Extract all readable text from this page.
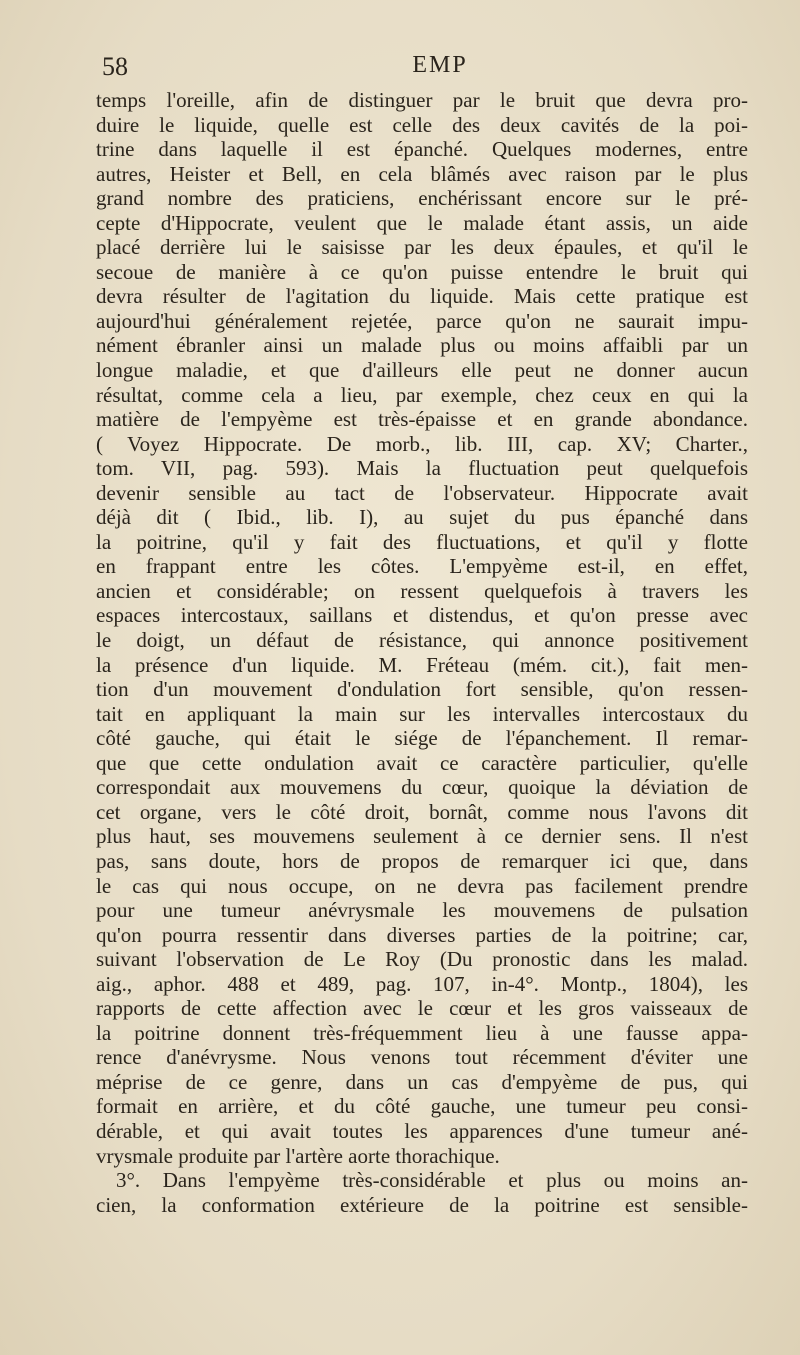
58	EMP
temps l'oreille, afin de distinguer par le bruit que devra pro-
duire le liquide, quelle est celle des deux cavités de la poi-
trine dans laquelle il est épanché. Quelques modernes, entre
autres, Heister et Bell, en cela blâmés avec raison par le plus
grand nombre des praticiens, enchérissant encore sur le pré-
cepte d'Hippocrate, veulent que le malade étant assis, un aide
placé derrière lui le saisisse par les deux épaules, et qu'il le
secoue de manière à ce qu'on puisse entendre le bruit qui
devra résulter de l'agitation du liquide. Mais cette pratique est
aujourd'hui généralement rejetée, parce qu'on ne saurait impu-
nément ébranler ainsi un malade plus ou moins affaibli par un
longue maladie, et que d'ailleurs elle peut ne donner aucun
résultat, comme cela a lieu, par exemple, chez ceux en qui la
matière de l'empyème est très-épaisse et en grande abondance.
( Voyez Hippocrate. De morb., lib. III, cap. XV; Charter.,
tom. VII, pag. 593). Mais la fluctuation peut quelquefois
devenir sensible au tact de l'observateur. Hippocrate avait
déjà dit ( Ibid., lib. I), au sujet du pus épanché dans
la poitrine, qu'il y fait des fluctuations, et qu'il y flotte
en frappant entre les côtes. L'empyème est-il, en effet,
ancien et considérable; on ressent quelquefois à travers les
espaces intercostaux, saillans et distendus, et qu'on presse avec
le doigt, un défaut de résistance, qui annonce positivement
la présence d'un liquide. M. Fréteau (mém. cit.), fait men-
tion d'un mouvement d'ondulation fort sensible, qu'on ressen-
tait en appliquant la main sur les intervalles intercostaux du
côté gauche, qui était le siége de l'épanchement. Il remar-
que que cette ondulation avait ce caractère particulier, qu'elle
correspondait aux mouvemens du cœur, quoique la déviation de
cet organe, vers le côté droit, bornât, comme nous l'avons dit
plus haut, ses mouvemens seulement à ce dernier sens. Il n'est
pas, sans doute, hors de propos de remarquer ici que, dans
le cas qui nous occupe, on ne devra pas facilement prendre
pour une tumeur anévrysmale les mouvemens de pulsation
qu'on pourra ressentir dans diverses parties de la poitrine; car,
suivant l'observation de Le Roy (Du pronostic dans les malad.
aig., aphor. 488 et 489, pag. 107, in-4°. Montp., 1804), les
rapports de cette affection avec le cœur et les gros vaisseaux de
la poitrine donnent très-fréquemment lieu à une fausse appa-
rence d'anévrysme. Nous venons tout récemment d'éviter une
méprise de ce genre, dans un cas d'empyème de pus, qui
formait en arrière, et du côté gauche, une tumeur peu consi-
dérable, et qui avait toutes les apparences d'une tumeur ané-
vrysmale produite par l'artère aorte thorachique.
3°. Dans l'empyème très-considérable et plus ou moins an-
cien, la conformation extérieure de la poitrine est sensible-
